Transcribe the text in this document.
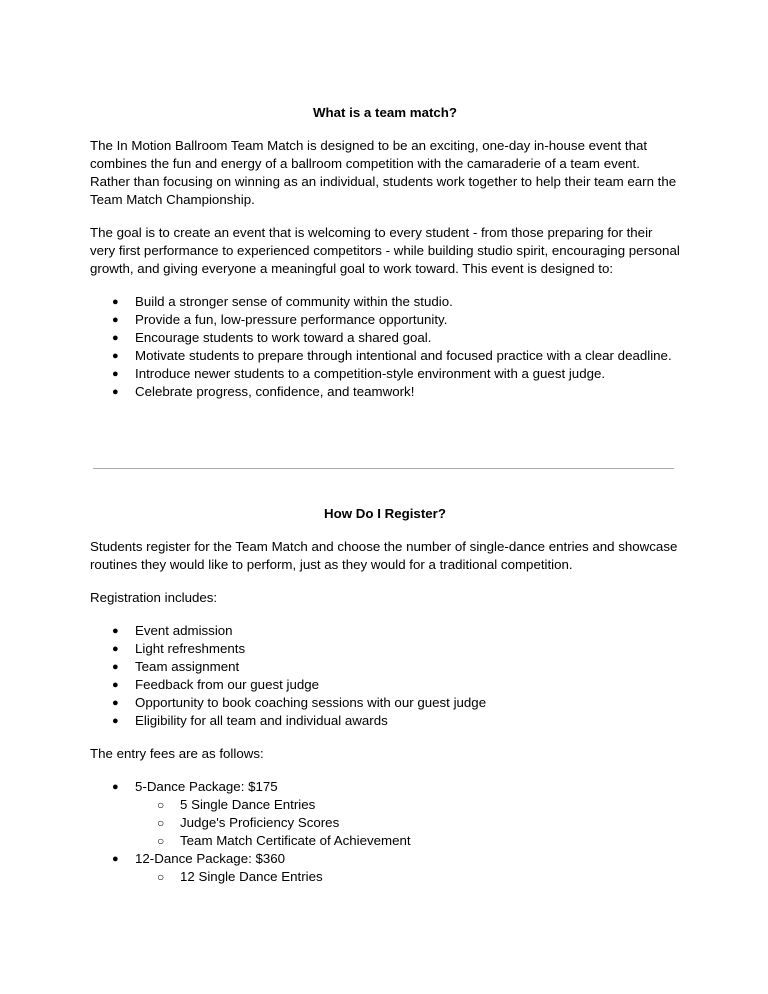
What is a team match?

The In Motion Ballroom Team Match is designed to be an exciting, one-day in-house event that combines the fun and energy of a ballroom competition with the camaraderie of a team event. Rather than focusing on winning as an individual, students work together to help their team earn the Team Match Championship.

The goal is to create an event that is welcoming to every student - from those preparing for their very first performance to experienced competitors - while building studio spirit, encouraging personal growth, and giving everyone a meaningful goal to work toward. This event is designed to:

● Build a stronger sense of community within the studio.
● Provide a fun, low-pressure performance opportunity.
● Encourage students to work toward a shared goal.
● Motivate students to prepare through intentional and focused practice with a clear deadline.
● Introduce newer students to a competition-style environment with a guest judge.
● Celebrate progress, confidence, and teamwork!
How Do I Register?

Students register for the Team Match and choose the number of single-dance entries and showcase routines they would like to perform, just as they would for a traditional competition.

Registration includes:

● Event admission
● Light refreshments
● Team assignment
● Feedback from our guest judge
● Opportunity to book coaching sessions with our guest judge
● Eligibility for all team and individual awards

The entry fees are as follows:

● 5-Dance Package: $175
○ 5 Single Dance Entries
○ Judge's Proficiency Scores
○ Team Match Certificate of Achievement
● 12-Dance Package: $360
○ 12 Single Dance Entries
